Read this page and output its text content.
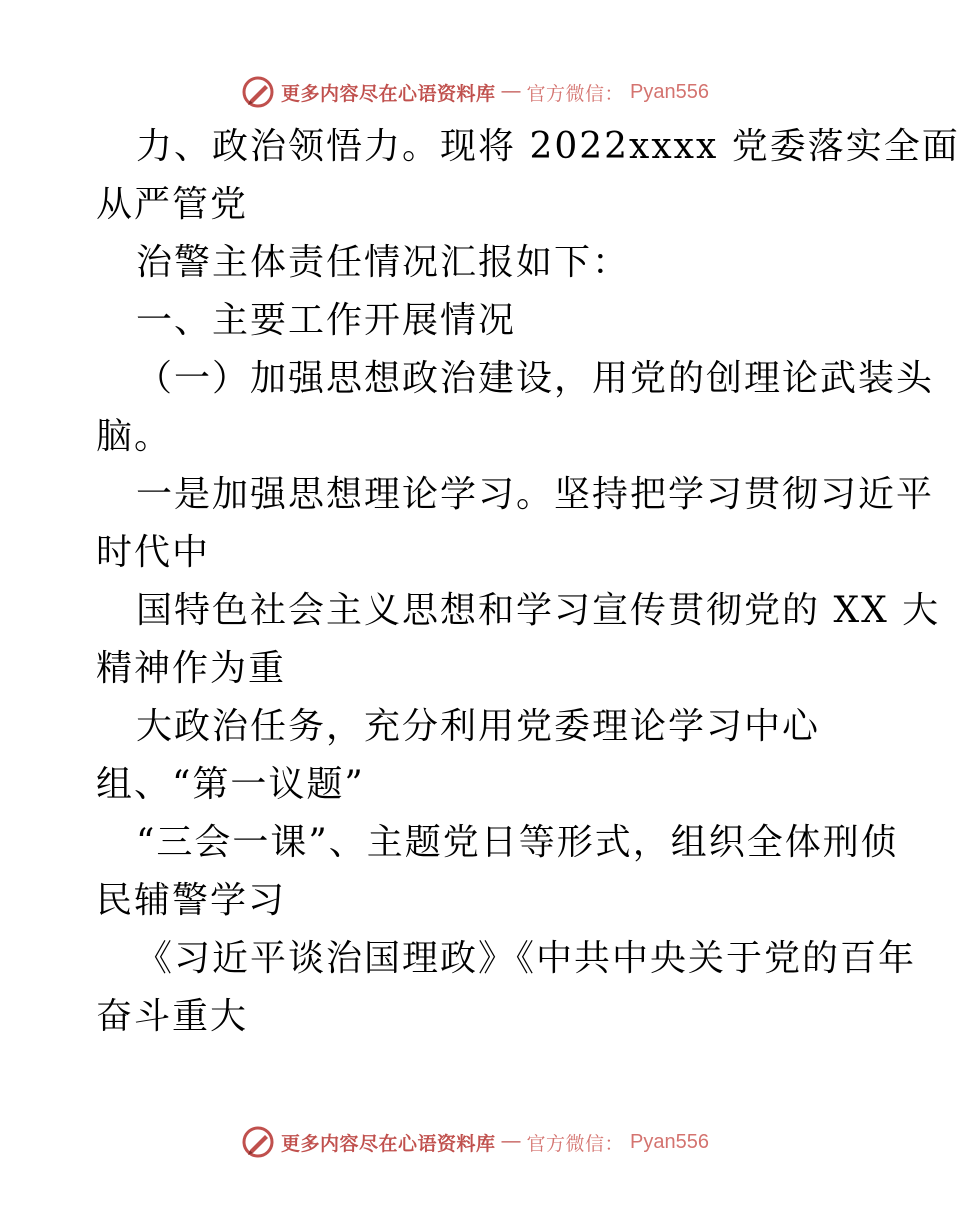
更多内容尽在心语资料库 — 官方微信： Pyan556
力、政治领悟力。现将 2022xxxx 党委落实全面
从严管党
治警主体责任情况汇报如下：
一、主要工作开展情况
（一）加强思想政治建设，用党的创理论武装头
脑。
一是加强思想理论学习。坚持把学习贯彻习近平
时代中
国特色社会主义思想和学习宣传贯彻党的 XX 大
精神作为重
大政治任务，充分利用党委理论学习中心
组、“第一议题”
“三会一课”、主题党日等形式，组织全体刑侦
民辅警学习
《习近平谈治国理政》《中共中央关于党的百年
奋斗重大
更多内容尽在心语资料库 — 官方微信： Pyan556
